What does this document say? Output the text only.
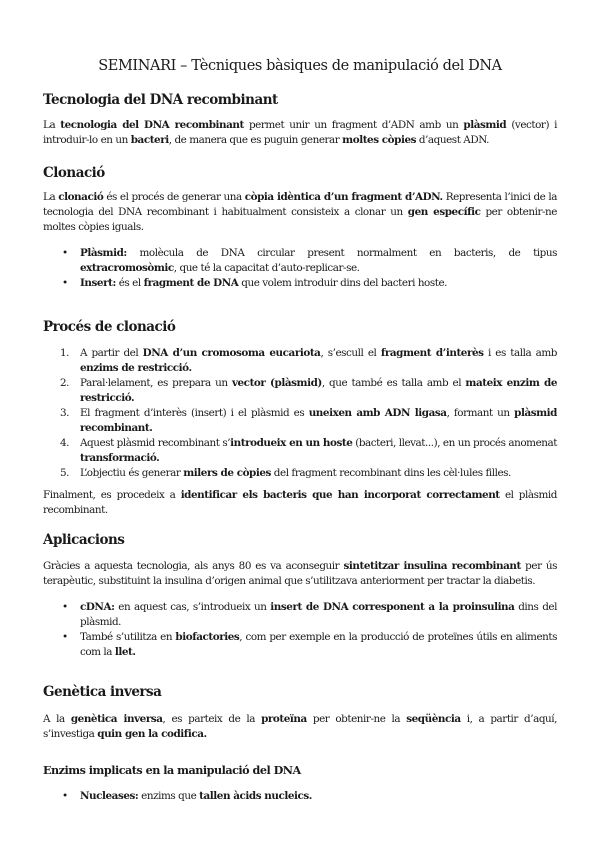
SEMINARI – Tècniques bàsiques de manipulació del DNA
Tecnologia del DNA recombinant
La tecnologia del DNA recombinant permet unir un fragment d’ADN amb un plàsmid (vector) i introduir-lo en un bacteri, de manera que es puguin generar moltes còpies d’aquest ADN.
Clonació
La clonació és el procés de generar una còpia idèntica d’un fragment d’ADN. Representa l’inici de la tecnologia del DNA recombinant i habitualment consisteix a clonar un gen específic per obtenir-ne moltes còpies iguals.
• Plàsmid: molècula de DNA circular present normalment en bacteris, de tipus extracromosòmic, que té la capacitat d’auto-replicar-se.
• Insert: és el fragment de DNA que volem introduir dins del bacteri hoste.
Procés de clonació
1. A partir del DNA d’un cromosoma eucariota, s’escull el fragment d’interès i es talla amb enzims de restricció.
2. Paral·lelament, es prepara un vector (plàsmid), que també es talla amb el mateix enzim de restricció.
3. El fragment d’interès (insert) i el plàsmid es uneixen amb ADN ligasa, formant un plàsmid recombinant.
4. Aquest plàsmid recombinant s’introdueix en un hoste (bacteri, llevat...), en un procés anomenat transformació.
5. L’objectiu és generar milers de còpies del fragment recombinant dins les cèl·lules filles.
Finalment, es procedeix a identificar els bacteris que han incorporat correctament el plàsmid recombinant.
Aplicacions
Gràcies a aquesta tecnologia, als anys 80 es va aconseguir sintetitzar insulina recombinant per ús terapèutic, substituint la insulina d’origen animal que s’utilitzava anteriorment per tractar la diabetis.
• cDNA: en aquest cas, s’introdueix un insert de DNA corresponent a la proinsulina dins del plàsmid.
• També s’utilitza en biofactories, com per exemple en la producció de proteïnes útils en aliments com la llet.
Genètica inversa
A la genètica inversa, es parteix de la proteïna per obtenir-ne la seqüència i, a partir d’aquí, s’investiga quin gen la codifica.
Enzims implicats en la manipulació del DNA
• Nucleases: enzims que tallen àcids nucleics.
